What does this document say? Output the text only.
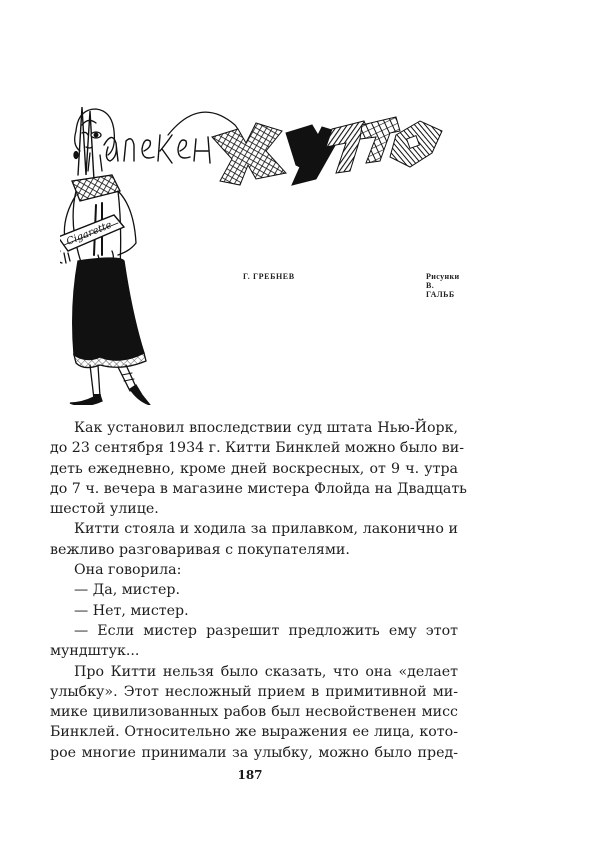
Cigarette
Г. ГРЕБНЕВ	Рисунки В. ГАЛЬБ
Как установил впоследствии суд штата Нью-Йорк,
до 23 сентября 1934 г. Китти Бинклей можно было ви-
деть ежедневно, кроме дней воскресных, от 9 ч. утра
до 7 ч. вечера в магазине мистера Флойда на Двадцать
шестой улице.
Китти стояла и ходила за прилавком, лаконично и
вежливо разговаривая с покупателями.
Она говорила:
— Да, мистер.
— Нет, мистер.
— Если мистер разрешит предложить ему этот
мундштук...
Про Китти нельзя было сказать, что она «делает
улыбку». Этот несложный прием в примитивной ми-
мике цивилизованных рабов был несвойственен мисс
Бинклей. Относительно же выражения ее лица, кото-
рое многие принимали за улыбку, можно было пред-
187
